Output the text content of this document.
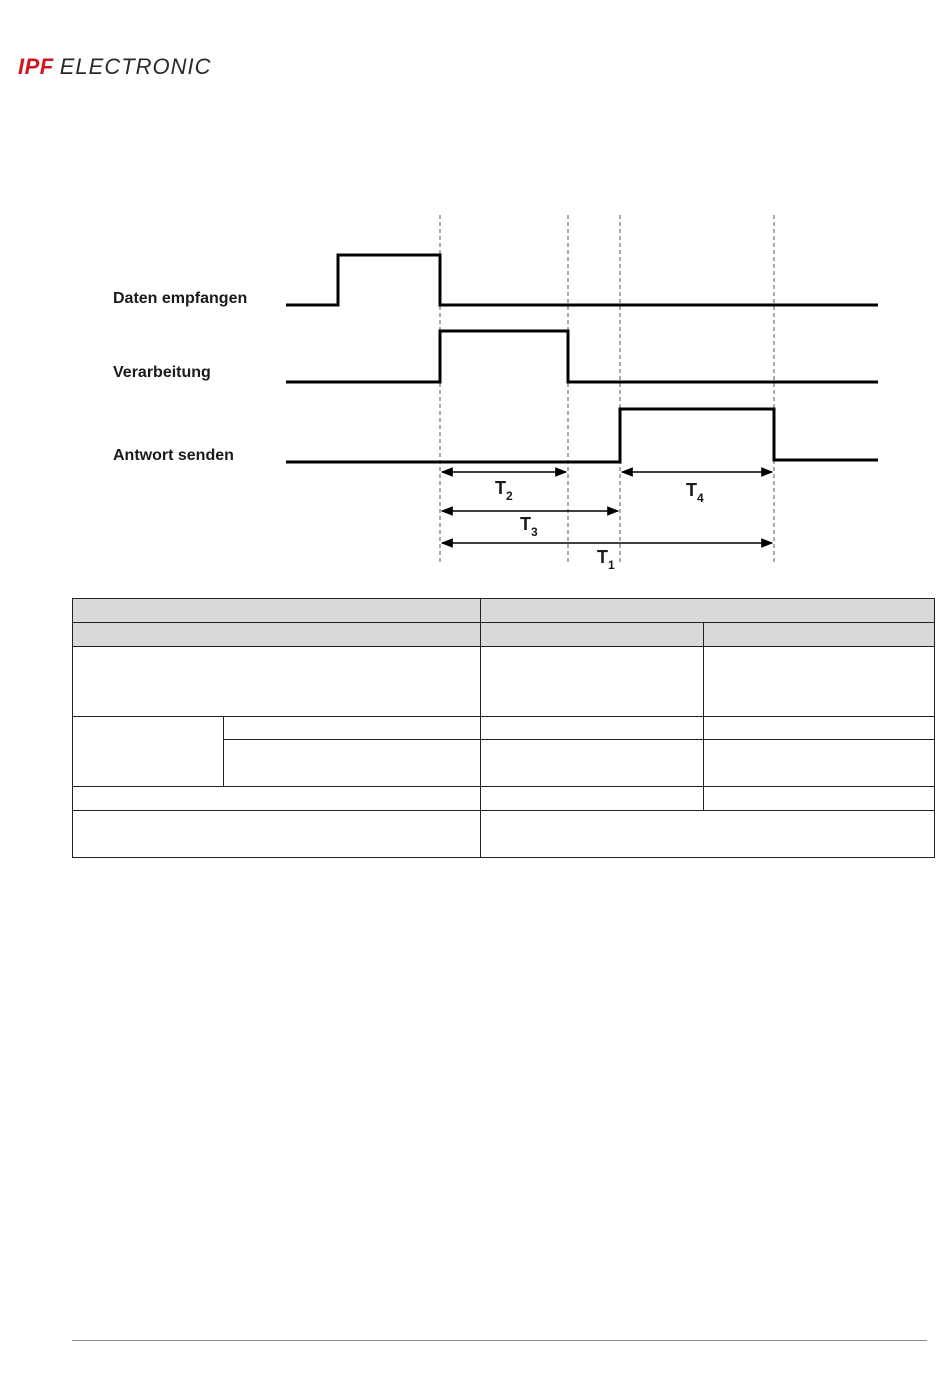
IPF ELECTRONIC
Daten empfangen
Verarbeitung
Antwort senden
$T_2$
$T_3$
$T_1$
$T_4$
